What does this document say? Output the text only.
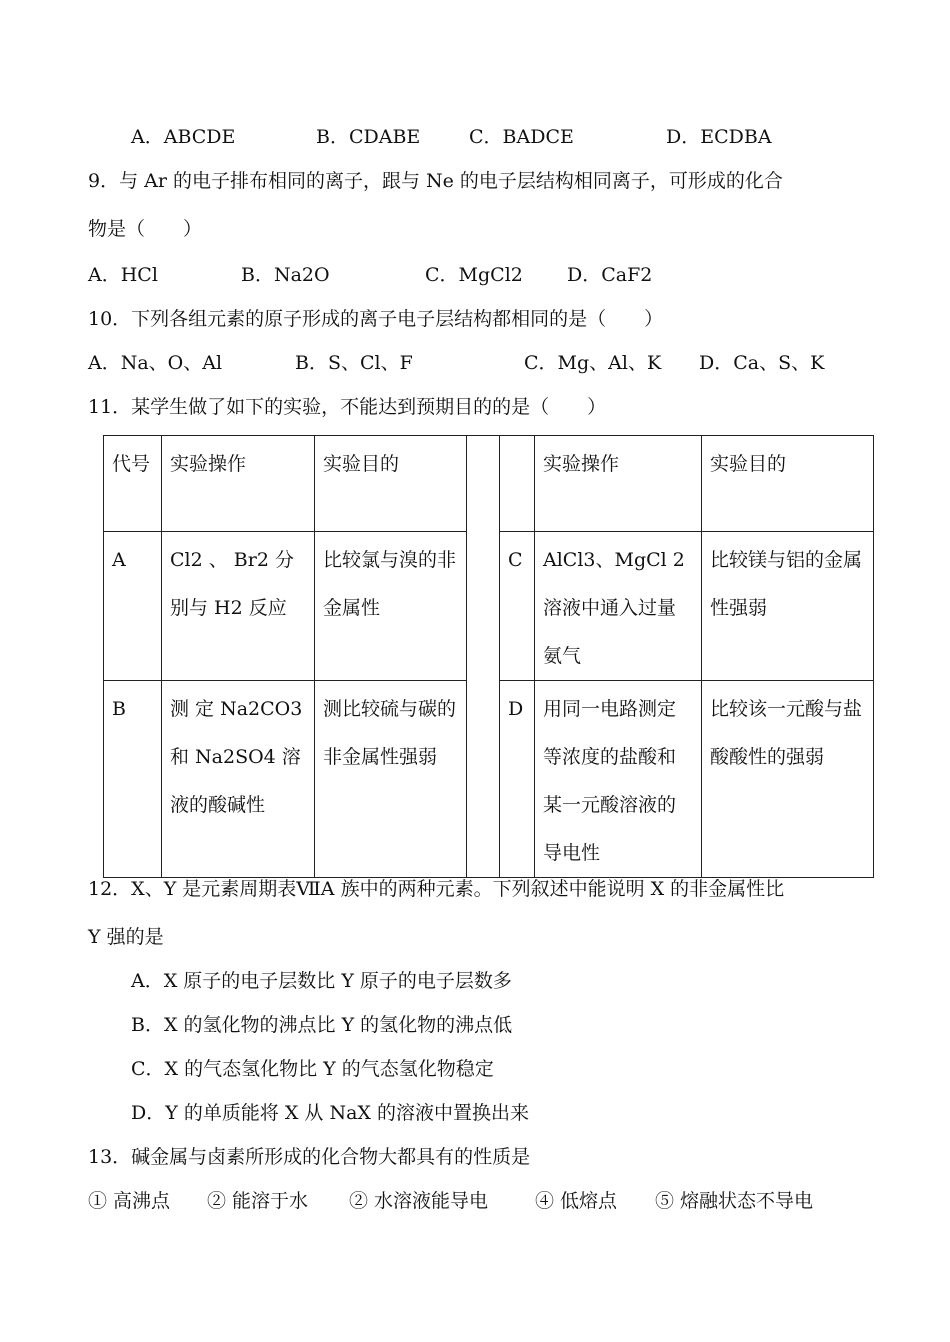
A．ABCDE	B．CDABE	C．BADCE	D．ECDBA
9．与 Ar 的电子排布相同的离子，跟与 Ne 的电子层结构相同离子，可形成的化合
物是（　　）
A．HCl	B．Na2O	C．MgCl2 D．CaF2
10．下列各组元素的原子形成的离子电子层结构都相同的是（　　）
A．Na、O、Al	B．S、Cl、F	C．Mg、Al、K D．Ca、S、K
11．某学生做了如下的实验，不能达到预期目的的是（　　）
代号	实验操作	实验目的			实验操作	实验目的
A	Cl2 、 Br2 分别与 H2 反应	比较氯与溴的非金属性		C	AlCl3、MgCl 2 溶液中通入过量氨气	比较镁与铝的金属性强弱
B	测 定 Na2CO3 和 Na2SO4 溶液的酸碱性	测比较硫与碳的非金属性强弱		D	用同一电路测定等浓度的盐酸和某一元酸溶液的导电性	比较该一元酸与盐酸酸性的强弱
12．X、Y 是元素周期表ⅦA 族中的两种元素。下列叙述中能说明 X 的非金属性比
Y 强的是
A．X 原子的电子层数比 Y 原子的电子层数多
B．X 的氢化物的沸点比 Y 的氢化物的沸点低
C．X 的气态氢化物比 Y 的气态氢化物稳定
D．Y 的单质能将 X 从 NaX 的溶液中置换出来
13．碱金属与卤素所形成的化合物大都具有的性质是
① 高沸点 ② 能溶于水 ② 水溶液能导电 ④ 低熔点 ⑤ 熔融状态不导电
